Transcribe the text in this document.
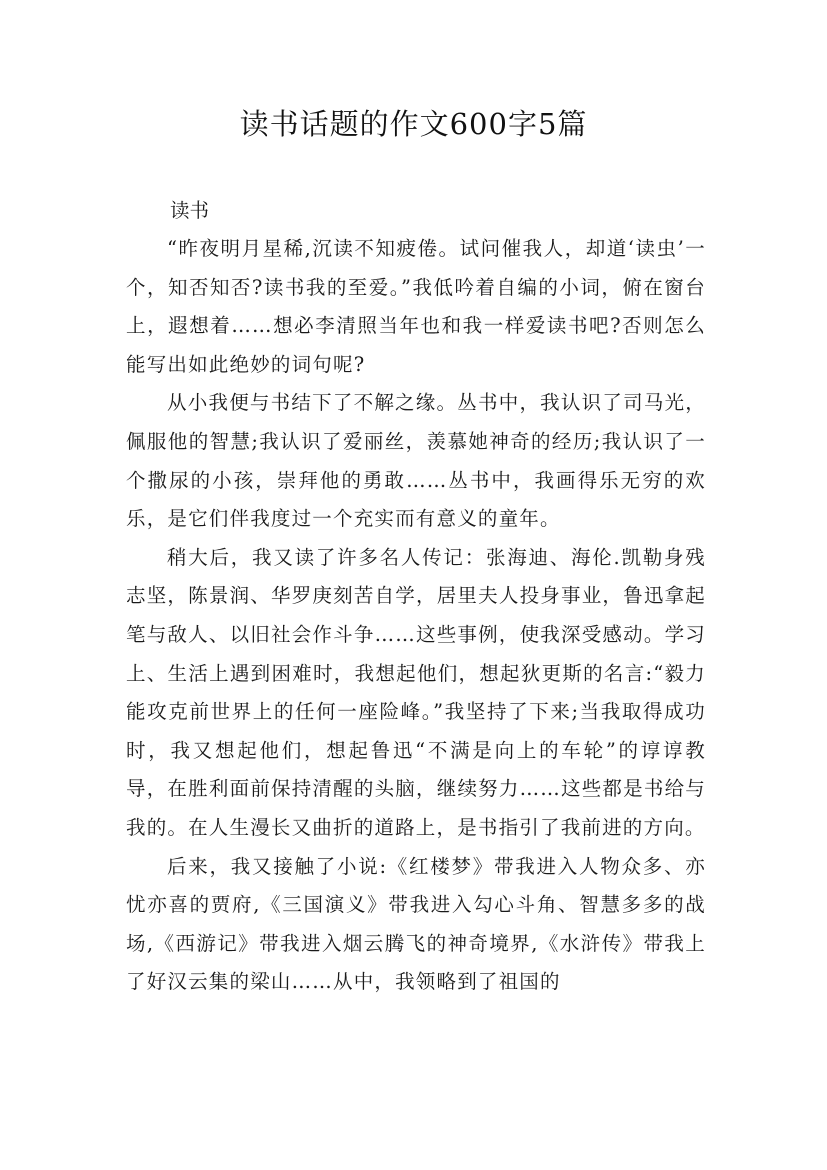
读书话题的作文600字5篇

读书

“昨夜明月星稀,沉读不知疲倦。试问催我人，却道‘读虫’一个，知否知否?读书我的至爱。”我低吟着自编的小词，俯在窗台上，遐想着……想必李清照当年也和我一样爱读书吧?否则怎么能写出如此绝妙的词句呢?

从小我便与书结下了不解之缘。丛书中，我认识了司马光，佩服他的智慧;我认识了爱丽丝，羡慕她神奇的经历;我认识了一个撒尿的小孩，崇拜他的勇敢……丛书中，我画得乐无穷的欢乐，是它们伴我度过一个充实而有意义的童年。

稍大后，我又读了许多名人传记：张海迪、海伦.凯勒身残志坚，陈景润、华罗庚刻苦自学，居里夫人投身事业，鲁迅拿起笔与敌人、以旧社会作斗争……这些事例，使我深受感动。学习上、生活上遇到困难时，我想起他们，想起狄更斯的名言:“毅力能攻克前世界上的任何一座险峰。”我坚持了下来;当我取得成功时，我又想起他们，想起鲁迅“不满是向上的车轮”的谆谆教导，在胜利面前保持清醒的头脑，继续努力……这些都是书给与我的。在人生漫长又曲折的道路上，是书指引了我前进的方向。

后来，我又接触了小说:《红楼梦》带我进入人物众多、亦忧亦喜的贾府,《三国演义》带我进入勾心斗角、智慧多多的战场,《西游记》带我进入烟云腾飞的神奇境界,《水浒传》带我上了好汉云集的梁山……从中，我领略到了祖国的
